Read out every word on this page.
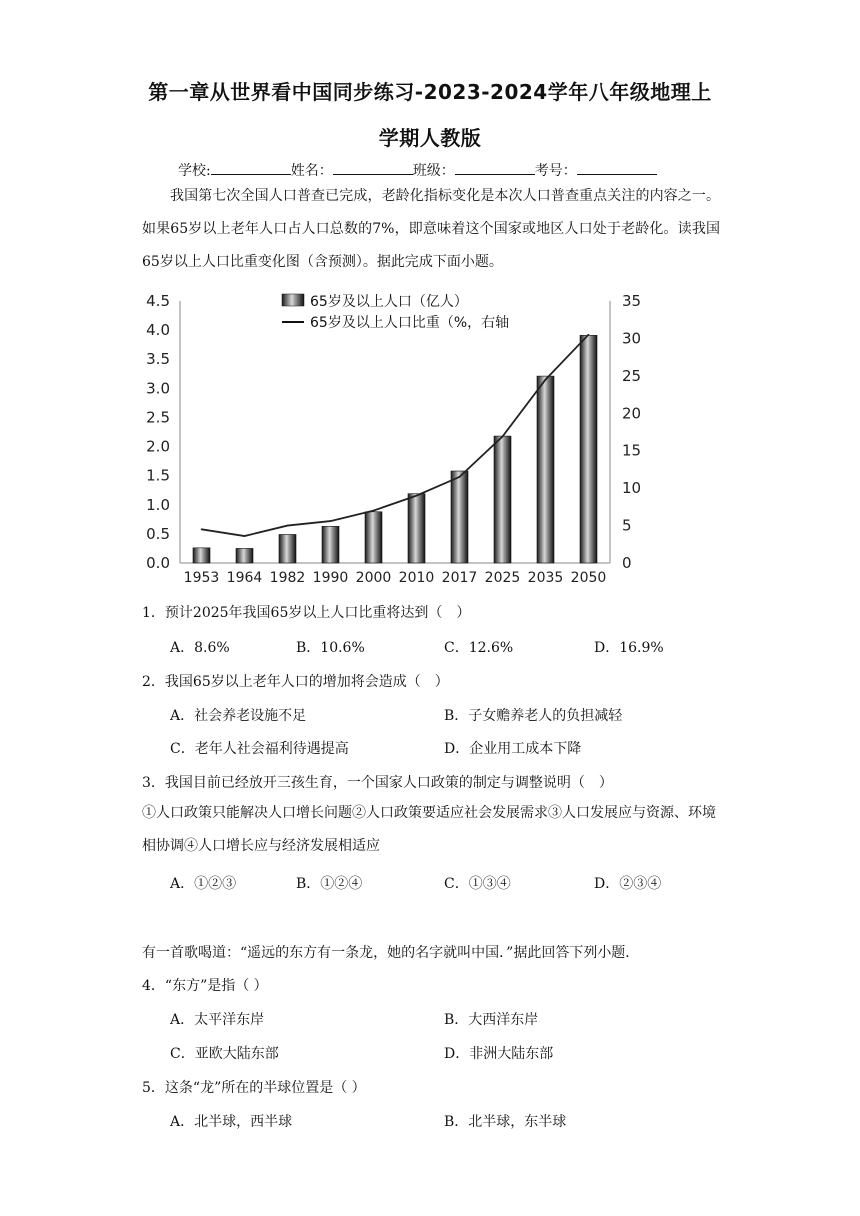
第一章从世界看中国同步练习-2023-2024学年八年级地理上
学期人教版
学校:	姓名：	班级：	考号：
我国第七次全国人口普查已完成，老龄化指标变化是本次人口普查重点关注的内容之一。如果65岁以上老年人口占人口总数的7%，即意味着这个国家或地区人口处于老龄化。读我国65岁以上人口比重变化图（含预测）。据此完成下面小题。
0.0
0.5
1.0
1.5
2.0
2.5
3.0
3.5
4.0
4.5
0
5
10
15
20
25
30
35
1953 1964 1982 1990 2000 2010 2017 2025 2035 2050
65岁及以上人口（亿人）
65岁及以上人口比重（%，右轴
1．预计2025年我国65岁以上人口比重将达到（　）
A．8.6%	B．10.6%	C．12.6%	D．16.9%
2．我国65岁以上老年人口的增加将会造成（　）
A．社会养老设施不足	B．子女赡养老人的负担减轻
C．老年人社会福利待遇提高	D．企业用工成本下降
3．我国目前已经放开三孩生育，一个国家人口政策的制定与调整说明（　）
①人口政策只能解决人口增长问题②人口政策要适应社会发展需求③人口发展应与资源、环境相协调④人口增长应与经济发展相适应
A．①②③	B．①②④	C．①③④	D．②③④
有一首歌喝道：“遥远的东方有一条龙，她的名字就叫中国．”据此回答下列小题．
4．“东方”是指（ ）
A．太平洋东岸	B．大西洋东岸
C．亚欧大陆东部	D．非洲大陆东部
5．这条“龙”所在的半球位置是（ ）
A．北半球，西半球	B．北半球，东半球
